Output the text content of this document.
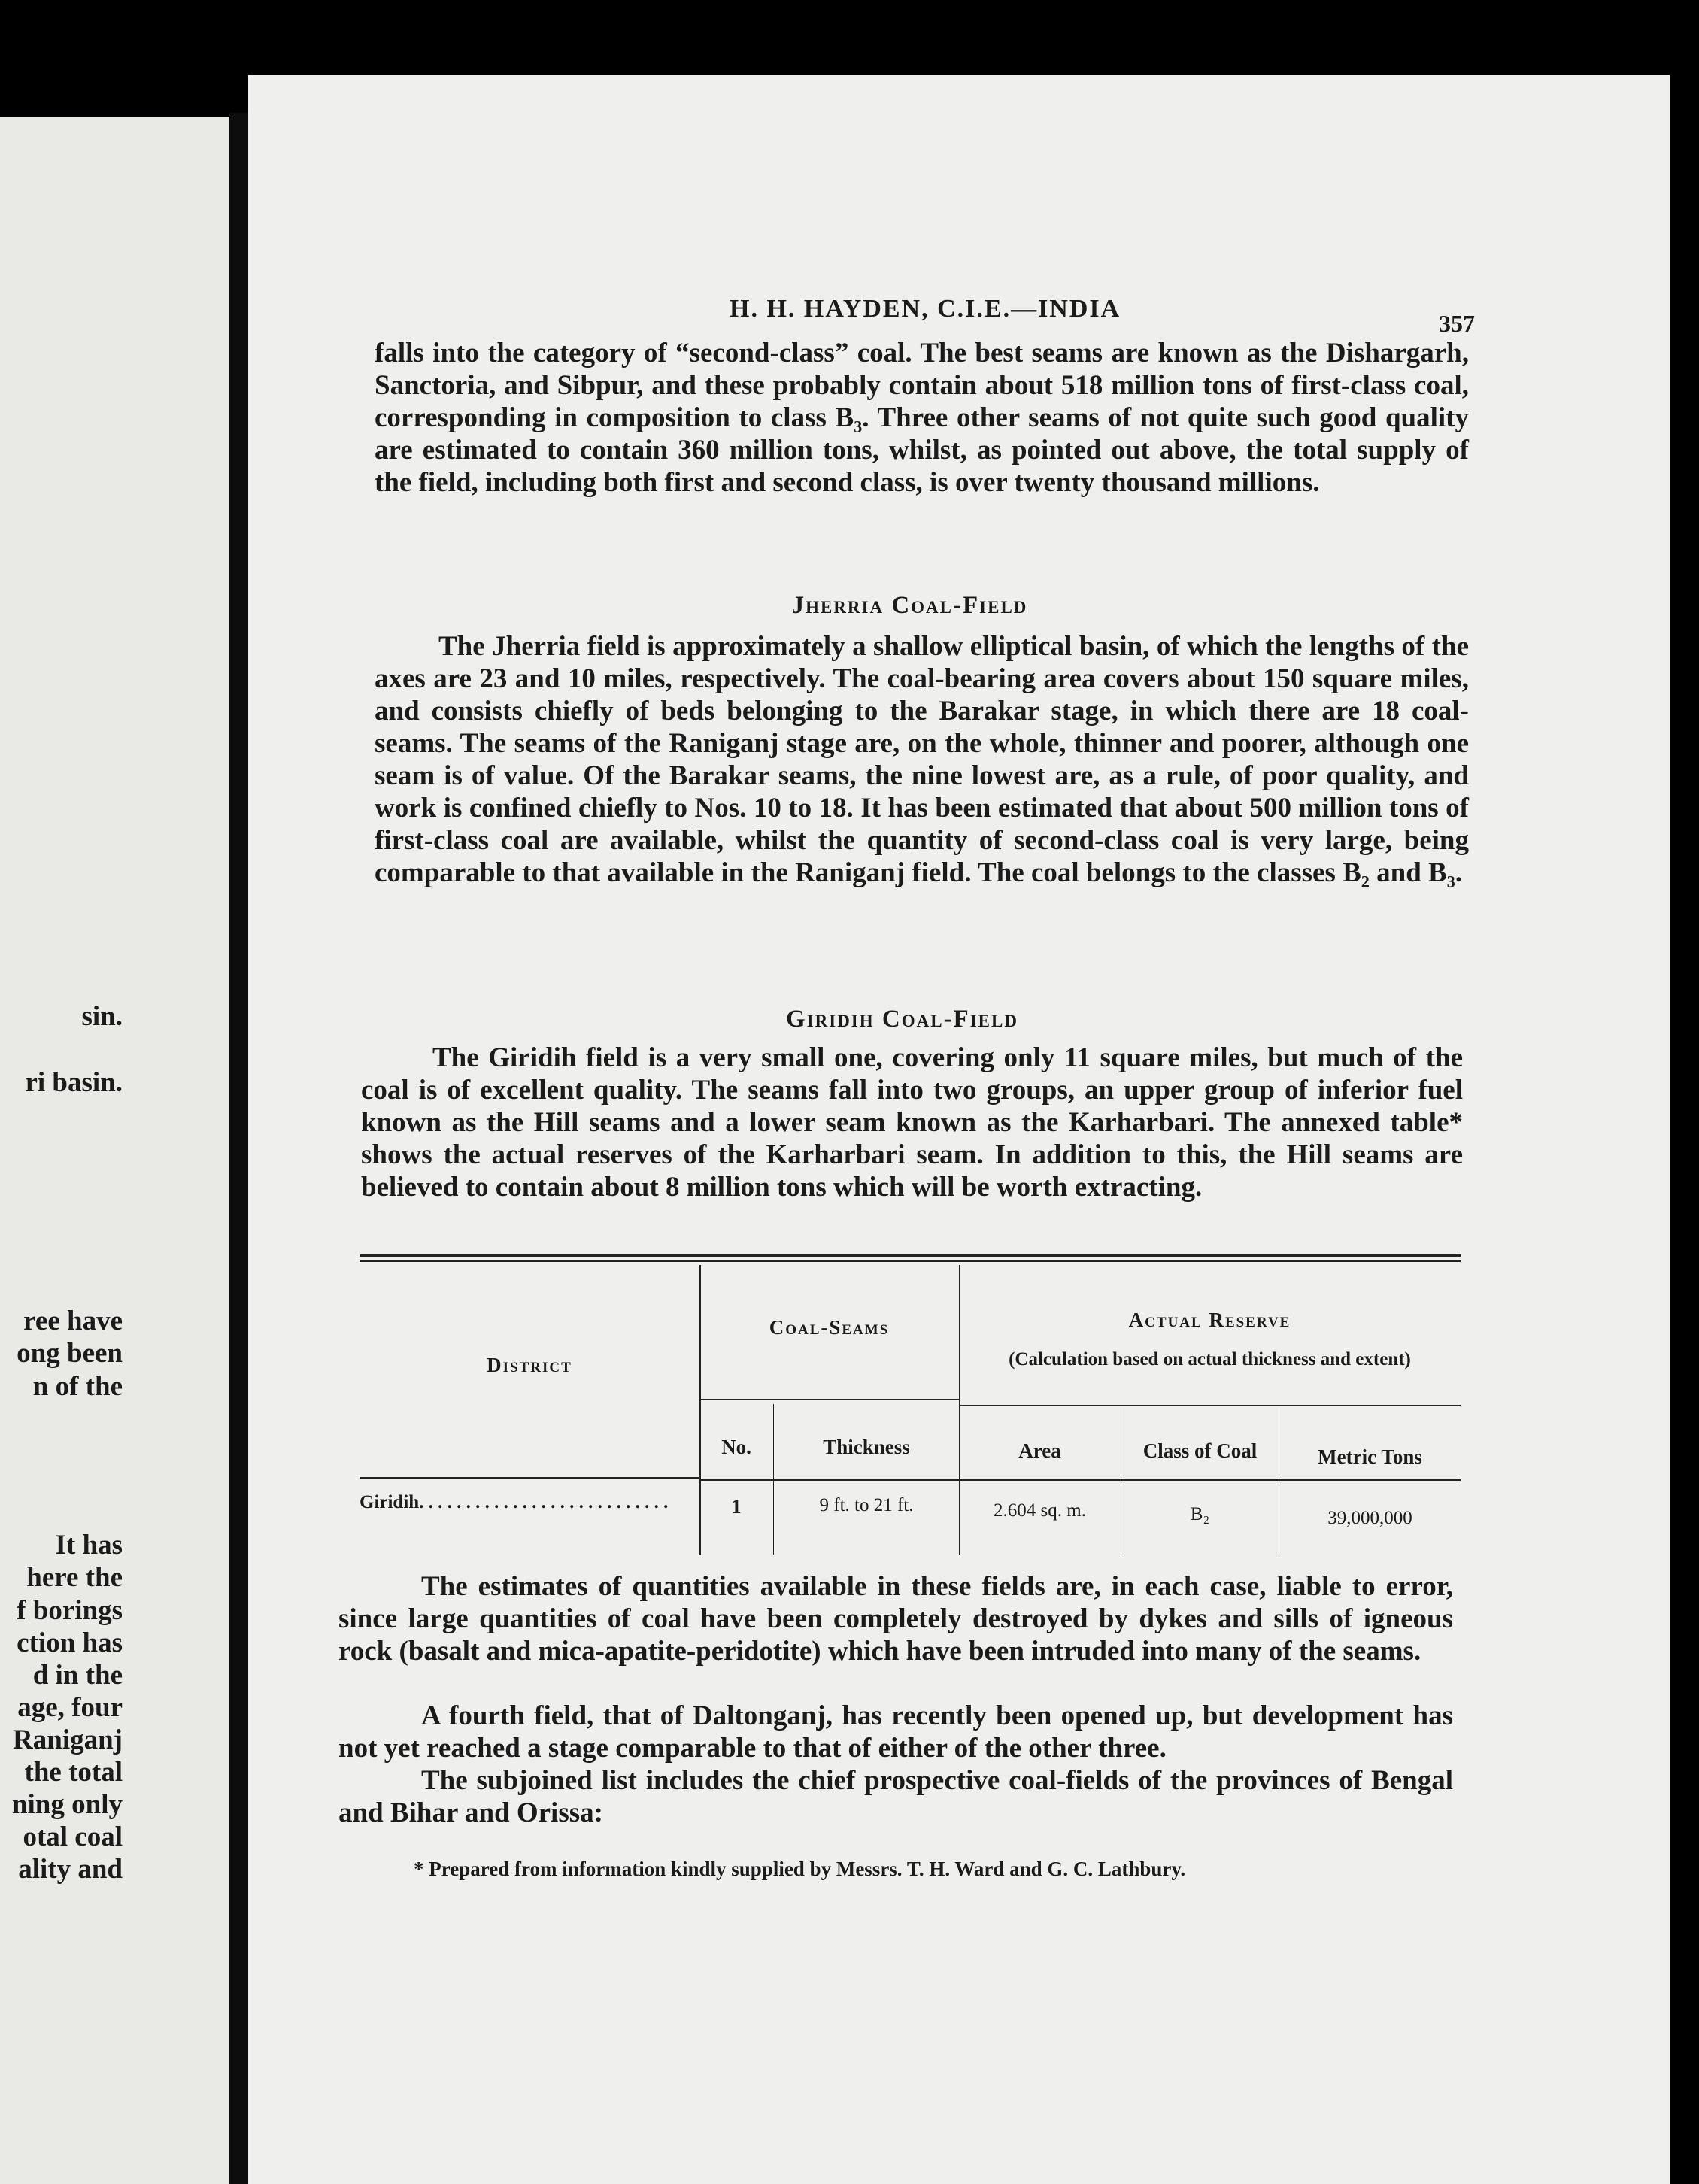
sin.
ri basin.
ree have
ong been
n of the
It has
here the
f borings
ction has
d in the
age, four
Raniganj
the total
ning only
otal coal
ality and
H. H. HAYDEN, C.I.E.—INDIA
357
falls into the category of “second-class” coal. The best seams are known as the Dishargarh, Sanctoria, and Sibpur, and these probably contain about 518 million tons of first-class coal, corresponding in composition to class B₃. Three other seams of not quite such good quality are estimated to contain 360 million tons, whilst, as pointed out above, the total supply of the field, including both first and second class, is over twenty thousand millions.
Jherria Coal-Field
The Jherria field is approximately a shallow elliptical basin, of which the lengths of the axes are 23 and 10 miles, respectively. The coal-bearing area covers about 150 square miles, and consists chiefly of beds belonging to the Barakar stage, in which there are 18 coal-seams. The seams of the Raniganj stage are, on the whole, thinner and poorer, although one seam is of value. Of the Barakar seams, the nine lowest are, as a rule, of poor quality, and work is confined chiefly to Nos. 10 to 18. It has been estimated that about 500 million tons of first-class coal are available, whilst the quantity of second-class coal is very large, being comparable to that available in the Raniganj field. The coal belongs to the classes B₂ and B₃.
Giridih Coal-Field
The Giridih field is a very small one, covering only 11 square miles, but much of the coal is of excellent quality. The seams fall into two groups, an upper group of inferior fuel known as the Hill seams and a lower seam known as the Karharbari. The annexed table* shows the actual reserves of the Karharbari seam. In addition to this, the Hill seams are believed to contain about 8 million tons which will be worth extracting.
District
Coal-Seams	Actual Reserve
(Calculation based on actual thickness and extent)
No.	Thickness	Area	Class of Coal	Metric Tons
Giridih. . . . . . . . . . . . . . . . . . . . . . . . . . .	1	9 ft. to 21 ft.	2.604 sq. m.	B₂	39,000,000
The estimates of quantities available in these fields are, in each case, liable to error, since large quantities of coal have been completely destroyed by dykes and sills of igneous rock (basalt and mica-apatite-peridotite) which have been intruded into many of the seams.
A fourth field, that of Daltonganj, has recently been opened up, but development has not yet reached a stage comparable to that of either of the other three.
The subjoined list includes the chief prospective coal-fields of the provinces of Bengal and Bihar and Orissa:
* Prepared from information kindly supplied by Messrs. T. H. Ward and G. C. Lathbury.
